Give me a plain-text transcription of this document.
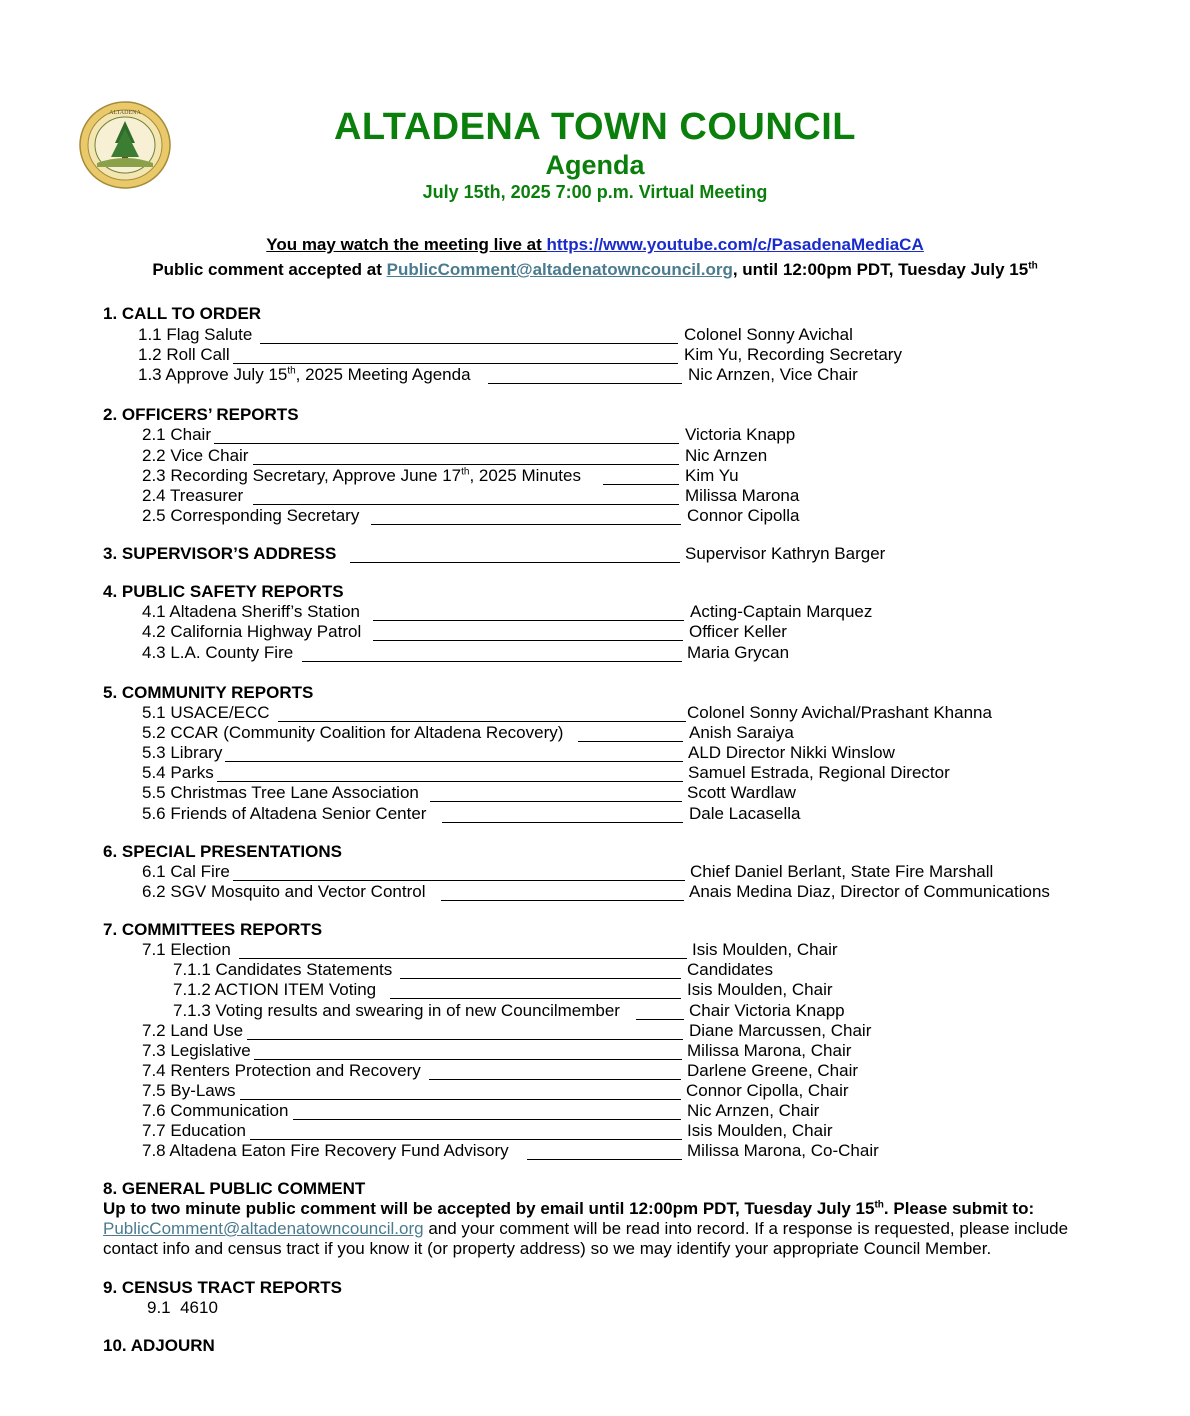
ALTADENA	ALTADENA TOWN COUNCIL
Agenda
July 15th, 2025 7:00 p.m. Virtual Meeting
You may watch the meeting live at https://www.youtube.com/c/PasadenaMediaCA
Public comment accepted at PublicComment@altadenatowncouncil.org, until 12:00pm PDT, Tuesday July 15th
1. CALL TO ORDER
1.1 Flag Salute	Colonel Sonny Avichal
1.2 Roll Call	Kim Yu, Recording Secretary
1.3 Approve July 15th, 2025 Meeting Agenda	Nic Arnzen, Vice Chair
2. OFFICERS’ REPORTS
2.1 Chair	Victoria Knapp
2.2 Vice Chair	Nic Arnzen
2.3 Recording Secretary, Approve June 17th, 2025 Minutes	Kim Yu
2.4 Treasurer	Milissa Marona
2.5 Corresponding Secretary	Connor Cipolla
3. SUPERVISOR’S ADDRESS	Supervisor Kathryn Barger
4. PUBLIC SAFETY REPORTS
4.1 Altadena Sheriff’s Station	Acting-Captain Marquez
4.2 California Highway Patrol	Officer Keller
4.3 L.A. County Fire	Maria Grycan
5. COMMUNITY REPORTS
5.1 USACE/ECC	Colonel Sonny Avichal/Prashant Khanna
5.2 CCAR (Community Coalition for Altadena Recovery)	Anish Saraiya
5.3 Library	ALD Director Nikki Winslow
5.4 Parks	Samuel Estrada, Regional Director
5.5 Christmas Tree Lane Association	Scott Wardlaw
5.6 Friends of Altadena Senior Center	Dale Lacasella
6. SPECIAL PRESENTATIONS
6.1 Cal Fire	Chief Daniel Berlant, State Fire Marshall
6.2 SGV Mosquito and Vector Control	Anais Medina Diaz, Director of Communications
7. COMMITTEES REPORTS
7.1 Election	Isis Moulden, Chair
7.1.1 Candidates Statements	Candidates
7.1.2 ACTION ITEM Voting	Isis Moulden, Chair
7.1.3 Voting results and swearing in of new Councilmember	Chair Victoria Knapp
7.2 Land Use	Diane Marcussen, Chair
7.3 Legislative	Milissa Marona, Chair
7.4 Renters Protection and Recovery	Darlene Greene, Chair
7.5 By-Laws	Connor Cipolla, Chair
7.6 Communication	Nic Arnzen, Chair
7.7 Education	Isis Moulden, Chair
7.8 Altadena Eaton Fire Recovery Fund Advisory	Milissa Marona, Co-Chair
8. GENERAL PUBLIC COMMENT
Up to two minute public comment will be accepted by email until 12:00pm PDT, Tuesday July 15th. Please submit to:
PublicComment@altadenatowncouncil.org and your comment will be read into record. If a response is requested, please include contact info and census tract if you know it (or property address) so we may identify your appropriate Council Member.
9. CENSUS TRACT REPORTS
9.1  4610
10. ADJOURN
